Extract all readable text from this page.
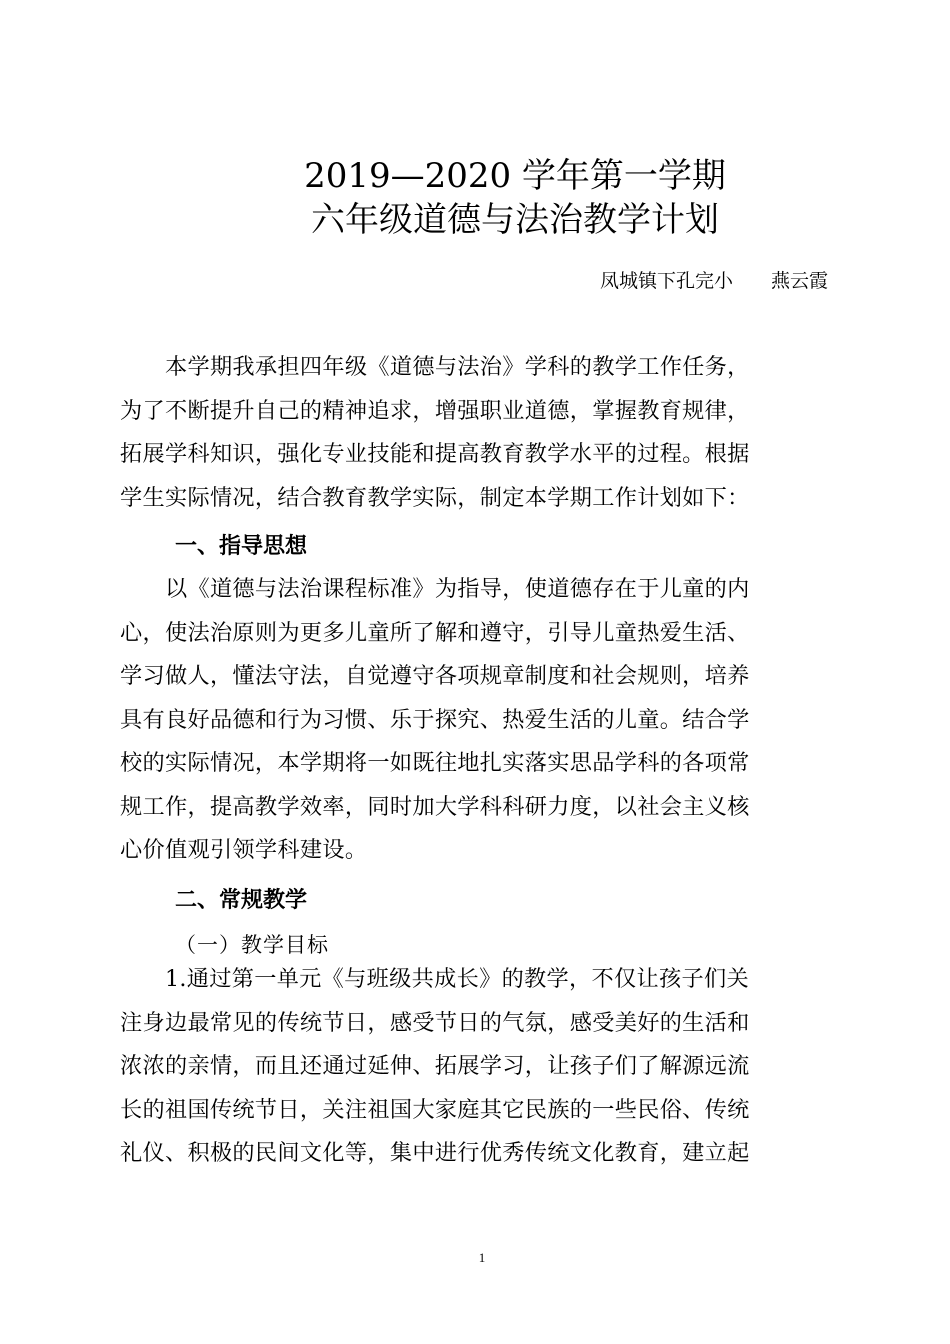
2019—2020 学年第一学期
六年级道德与法治教学计划
凤城镇下孔完小　　燕云霞
　　本学期我承担四年级《道德与法治》学科的教学工作任务，
为了不断提升自己的精神追求，增强职业道德，掌握教育规律，
拓展学科知识，强化专业技能和提高教育教学水平的过程。根据
学生实际情况，结合教育教学实际，制定本学期工作计划如下：
一、指导思想
　　以《道德与法治课程标准》为指导，使道德存在于儿童的内
心，使法治原则为更多儿童所了解和遵守，引导儿童热爱生活、
学习做人，懂法守法，自觉遵守各项规章制度和社会规则，培养
具有良好品德和行为习惯、乐于探究、热爱生活的儿童。结合学
校的实际情况，本学期将一如既往地扎实落实思品学科的各项常
规工作，提高教学效率，同时加大学科科研力度，以社会主义核
心价值观引领学科建设。
二、常规教学
（一）教学目标
　　1.通过第一单元《与班级共成长》的教学，不仅让孩子们关
注身边最常见的传统节日，感受节日的气氛，感受美好的生活和
浓浓的亲情，而且还通过延伸、拓展学习，让孩子们了解源远流
长的祖国传统节日，关注祖国大家庭其它民族的一些民俗、传统
礼仪、积极的民间文化等，集中进行优秀传统文化教育，建立起
1
